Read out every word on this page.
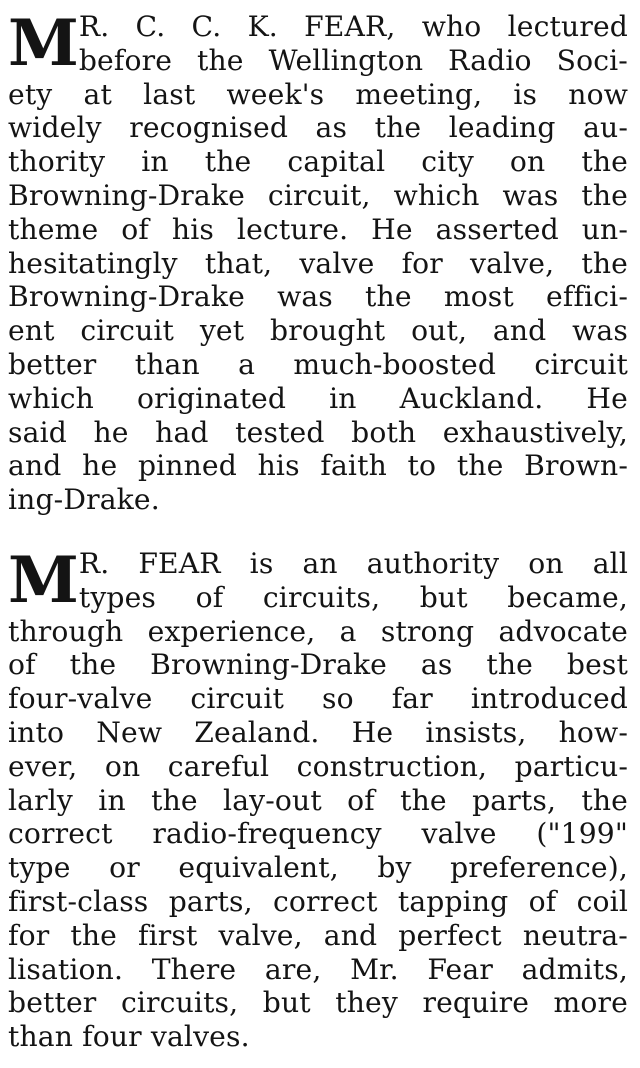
M R. C. C. K. FEAR, who lectured
before the Wellington Radio Soci-
ety at last week's meeting, is now
widely recognised as the leading au-
thority in the capital city on the
Browning-Drake circuit, which was the
theme of his lecture. He asserted un-
hesitatingly that, valve for valve, the
Browning-Drake was the most effici-
ent circuit yet brought out, and was
better than a much-boosted circuit
which originated in Auckland. He
said he had tested both exhaustively,
and he pinned his faith to the Brown-
ing-Drake.

M R. FEAR is an authority on all
types of circuits, but became,
through experience, a strong advocate
of the Browning-Drake as the best
four-valve circuit so far introduced
into New Zealand. He insists, how-
ever, on careful construction, particu-
larly in the lay-out of the parts, the
correct radio-frequency valve ("199"
type or equivalent, by preference),
first-class parts, correct tapping of coil
for the first valve, and perfect neutra-
lisation. There are, Mr. Fear admits,
better circuits, but they require more
than four valves.
